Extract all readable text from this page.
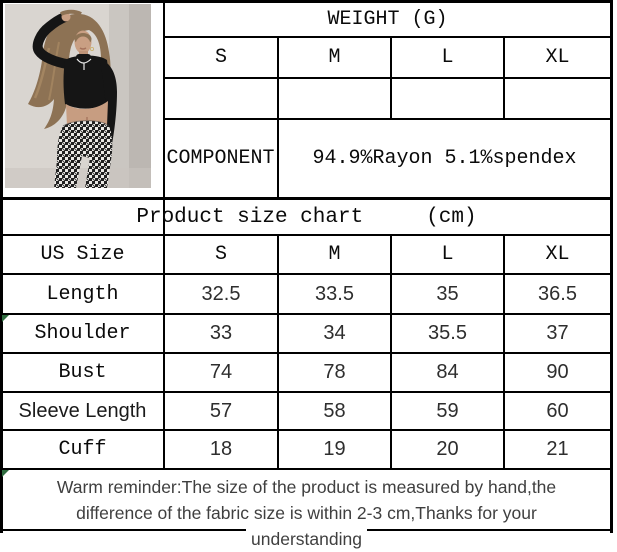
WEIGHT (G)
S	M	L	XL
COMPONENT	94.9%Rayon 5.1%spendex
Product size chart     (cm)
US Size	S	M	L	XL
Length	32.5	33.5	35	36.5
Shoulder	33	34	35.5	37
Bust	74	78	84	90
Sleeve Length	57	58	59	60
Cuff	18	19	20	21
Warm reminder:The size of the product is measured by hand,the
difference of the fabric size is within 2-3 cm,Thanks for your
understanding
